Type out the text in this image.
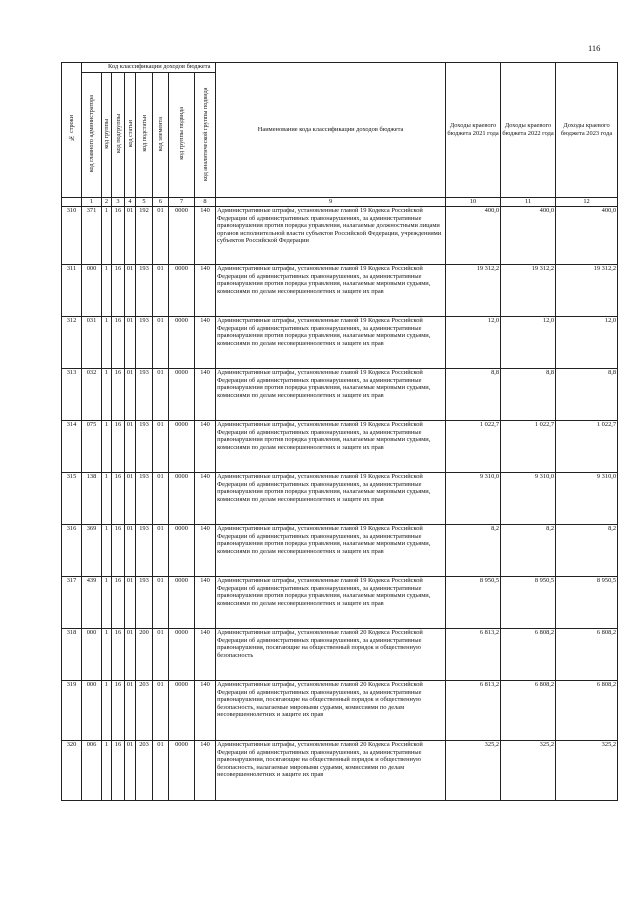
116
№ строки	Код классификации доходов бюджета								Наименование кода классификации доходов бюджета	Доходы краевого бюджета 2021 года	Доходы краевого бюджета 2022 года	Доходы краевого бюджета 2023 года
	код главного администратора	код группы	код подгруппы	код статьи	код подстатьи	код элемента	код группы подвида	код аналитической группы подвида				
	1	2	3	4	5	6	7	8	9	10	11	12
310	371	1	16	01	192	01	0000	140	Административные штрафы, установленные главой 19 Кодекса Российской Федерации об административных правонарушениях, за административные правонарушения против порядка управления, налагаемые должностными лицами органов исполнительной власти субъектов Российской Федерации, учреждениями субъектов Российской Федерации	400,0	400,0	400,0
311	000	1	16	01	193	01	0000	140	Административные штрафы, установленные главой 19 Кодекса Российской Федерации об административных правонарушениях, за административные правонарушения против порядка управления, налагаемые мировыми судьями, комиссиями по делам несовершеннолетних и защите их прав	19 312,2	19 312,2	19 312,2
312	031	1	16	01	193	01	0000	140	Административные штрафы, установленные главой 19 Кодекса Российской Федерации об административных правонарушениях, за административные правонарушения против порядка управления, налагаемые мировыми судьями, комиссиями по делам несовершеннолетних и защите их прав	12,0	12,0	12,0
313	032	1	16	01	193	01	0000	140	Административные штрафы, установленные главой 19 Кодекса Российской Федерации об административных правонарушениях, за административные правонарушения против порядка управления, налагаемые мировыми судьями, комиссиями по делам несовершеннолетних и защите их прав	8,8	8,8	8,8
314	075	1	16	01	193	01	0000	140	Административные штрафы, установленные главой 19 Кодекса Российской Федерации об административных правонарушениях, за административные правонарушения против порядка управления, налагаемые мировыми судьями, комиссиями по делам несовершеннолетних и защите их прав	1 022,7	1 022,7	1 022,7
315	138	1	16	01	193	01	0000	140	Административные штрафы, установленные главой 19 Кодекса Российской Федерации об административных правонарушениях, за административные правонарушения против порядка управления, налагаемые мировыми судьями, комиссиями по делам несовершеннолетних и защите их прав	9 310,0	9 310,0	9 310,0
316	369	1	16	01	193	01	0000	140	Административные штрафы, установленные главой 19 Кодекса Российской Федерации об административных правонарушениях, за административные правонарушения против порядка управления, налагаемые мировыми судьями, комиссиями по делам несовершеннолетних и защите их прав	8,2	8,2	8,2
317	439	1	16	01	193	01	0000	140	Административные штрафы, установленные главой 19 Кодекса Российской Федерации об административных правонарушениях, за административные правонарушения против порядка управления, налагаемые мировыми судьями, комиссиями по делам несовершеннолетних и защите их прав	8 950,5	8 950,5	8 950,5
318	000	1	16	01	200	01	0000	140	Административные штрафы, установленные главой 20 Кодекса Российской Федерации об административных правонарушениях, за административные правонарушения, посягающие на общественный порядок и общественную безопасность	6 813,2	6 808,2	6 808,2
319	000	1	16	01	203	01	0000	140	Административные штрафы, установленные главой 20 Кодекса Российской Федерации об административных правонарушениях, за административные правонарушения, посягающие на общественный порядок и общественную безопасность, налагаемые мировыми судьями, комиссиями по делам несовершеннолетних и защите их прав	6 813,2	6 808,2	6 808,2
320	006	1	16	01	203	01	0000	140	Административные штрафы, установленные главой 20 Кодекса Российской Федерации об административных правонарушениях, за административные правонарушения, посягающие на общественный порядок и общественную безопасность, налагаемые мировыми судьями, комиссиями по делам несовершеннолетних и защите их прав	325,2	325,2	325,2
